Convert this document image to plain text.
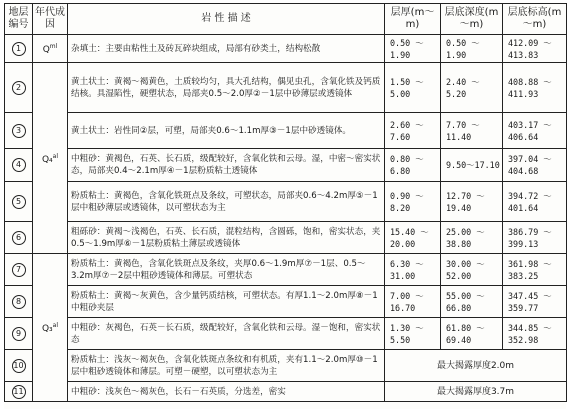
地层编号	年代成因	岩 性 描 述	层厚(m～m)	层底深度(m～m)	层底标高(m～m)
1	$Q^{ml}$	杂填土：主要由粘性土及砖瓦碎块组成，局部有砂类土，结构松散	0.50 ～ 1.90	0.50 ～ 1.90	412.09 ～ 413.83
2	Q₄$^{al}$	黄土状土：黄褐～褐黄色，土质较均匀，具大孔结构，偶见虫孔，含氧化铁及钙质结核。具湿陷性，硬塑状态，局部夹0.5～2.0厚②－1层中砂薄层或透镜体	1.50 ～ 5.00	2.40 ～ 5.20	408.88 ～ 411.93
3		黄土状土：岩性同②层，可塑，局部夹0.6～1.1m厚③－1层中砂透镜体。	2.60 ～ 7.60	7.70 ～ 11.40	403.17 ～ 406.64
4		中粗砂：黄褐色，石英、长石质，级配较好，含氧化铁和云母。湿，中密～密实状态，局部夹0.4～2.1m厚④－1层粉质粘土透镜体	0.80 ～ 6.80	9.50～17.10	397.04 ～ 404.68
5		粉质粘土：黄褐色，含氧化铁斑点及条纹，可塑状态，局部夹0.6～4.2m厚⑤－1层中粗砂薄层或透镜体，以可塑状态为主	0.90 ～ 8.20	12.70 ～ 19.40	394.72 ～ 401.64
6		粗砾砂：黄褐～浅褐色，石英、长石质，混粒结构，含圆砾，饱和，密实状态，夹0.5～1.9m厚⑥－1层粉质粘土薄层或透镜体	15.40 ～ 20.00	25.00 ～ 38.80	386.79 ～ 399.13
7	Q₃$^{al}$	粉质粘土：黄褐色，含氧化铁斑点及条纹，夹厚0.6～1.9m厚⑦－1层、0.5～3.2m厚⑦－2层中粗砂透镜体和薄层。可塑状态	6.30 ～ 31.00	30.00 ～ 52.00	361.98 ～ 383.25
8		粉质粘土：黄褐～灰黄色，含少量钙质结核，可塑状态。有厚1.1～2.0m厚⑧－1中粗砂夹层	7.00 ～ 16.70	55.00 ～ 66.80	347.45 ～ 359.77
9		中粗砂：灰褐色，石英－长石质，级配较好，含氧化铁和云母。湿－饱和，密实状态	1.30 ～ 5.50	61.80 ～ 69.40	344.85 ～ 352.98
10		粉质粘土：浅灰～褐灰色，含氧化铁斑点条纹和有机质，夹有1.1～2.0m厚⑩－1层中粗砂透镜体和薄层。可塑－硬塑，以可塑状态为主	最大揭露厚度2.0m		
11		中粗砂：浅灰色～褐灰色，长石－石英质，分选差，密实	最大揭露厚度3.7m		
